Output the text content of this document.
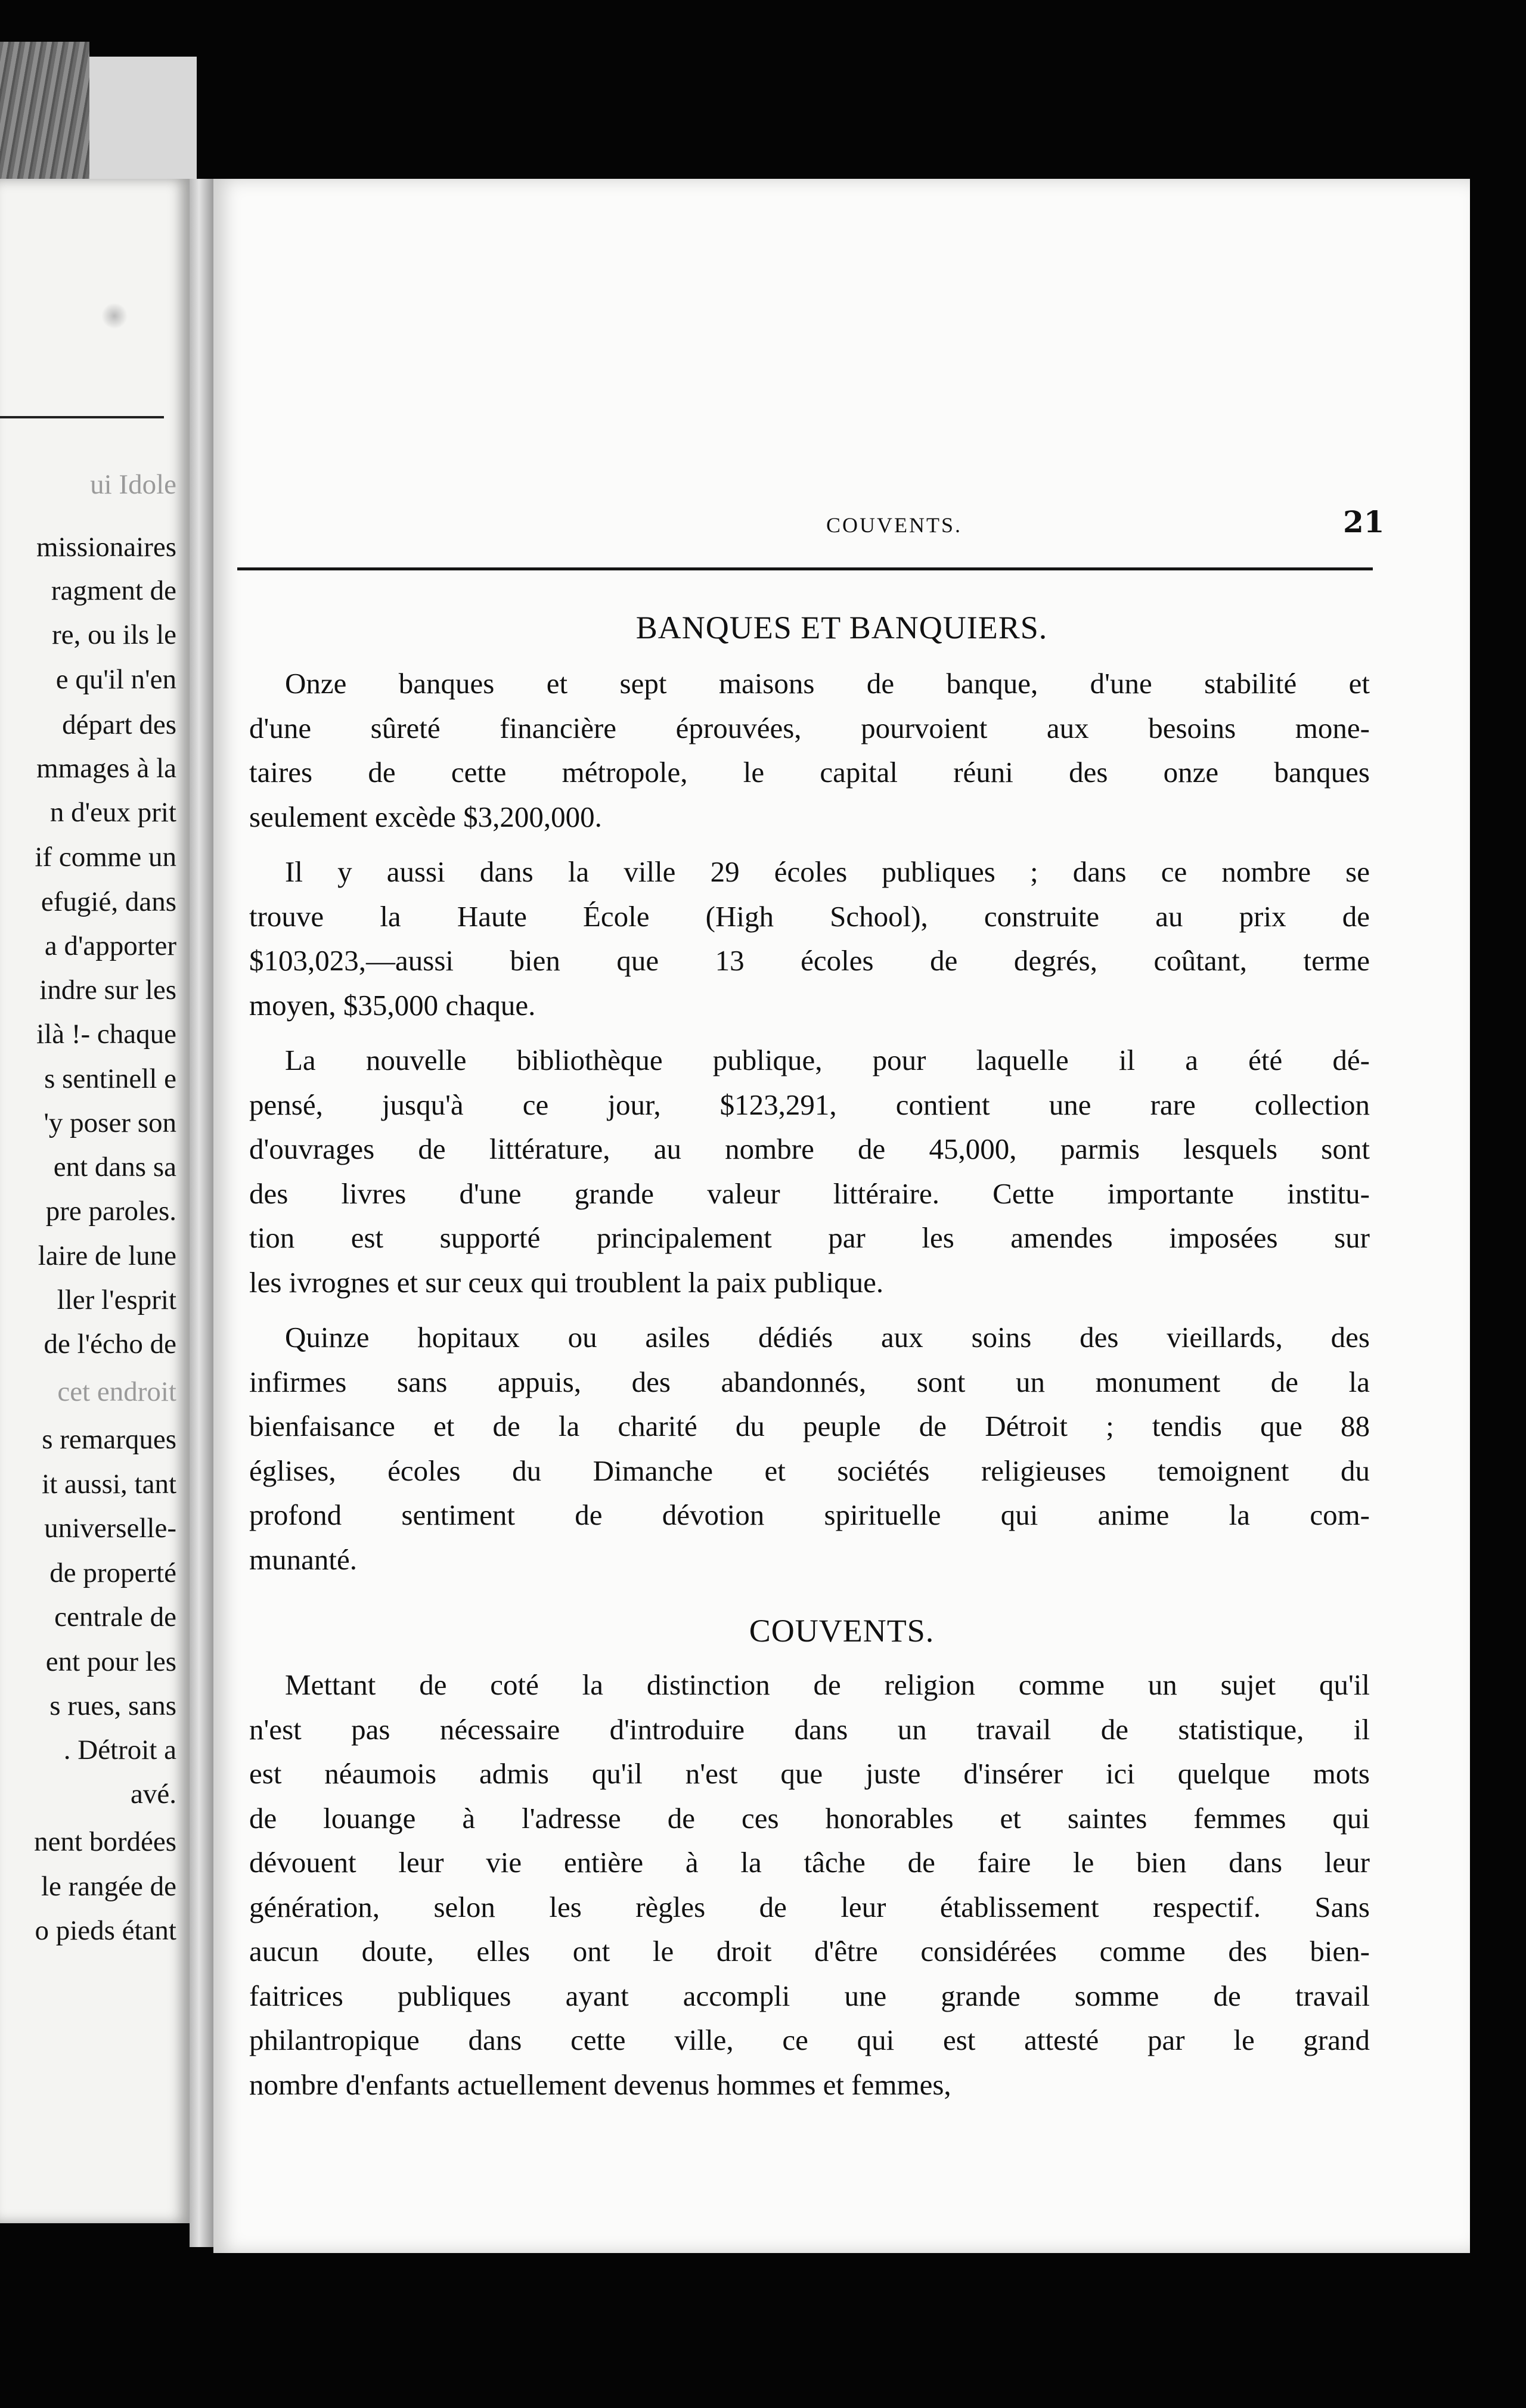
ui Idole
missionaires
ragment de
re, ou ils le
e qu'il n'en
départ des
mmages à la
n d'eux prit
if comme un
efugié, dans
a d'apporter
indre sur les
ilà !- chaque
s sentinell e
'y poser son
ent dans sa
pre paroles.
laire de lune
ller l'esprit
de l'écho de
cet endroit
s remarques
it aussi, tant
universelle-
de properté
centrale de
ent pour les
s rues, sans
. Détroit a
avé.
nent bordées
le rangée de
o pieds étant
COUVENTS.	21
BANQUES ET BANQUIERS.
Onze banques et sept maisons de banque, d'une stabilité et
d'une sûreté financière éprouvées, pourvoient aux besoins mone-
taires de cette métropole, le capital réuni des onze banques
seulement excède $3,200,000.
Il y aussi dans la ville 29 écoles publiques ; dans ce nombre se
trouve la Haute École (High School), construite au prix de
$103,023,—aussi bien que 13 écoles de degrés, coûtant, terme
moyen, $35,000 chaque.
La nouvelle bibliothèque publique, pour laquelle il a été dé-
pensé, jusqu'à ce jour, $123,291, contient une rare collection
d'ouvrages de littérature, au nombre de 45,000, parmis lesquels sont
des livres d'une grande valeur littéraire. Cette importante institu-
tion est supporté principalement par les amendes imposées sur
les ivrognes et sur ceux qui troublent la paix publique.
Quinze hopitaux ou asiles dédiés aux soins des vieillards, des
infirmes sans appuis, des abandonnés, sont un monument de la
bienfaisance et de la charité du peuple de Détroit ; tendis que 88
églises, écoles du Dimanche et sociétés religieuses temoignent du
profond sentiment de dévotion spirituelle qui anime la com-
munanté.
COUVENTS.
Mettant de coté la distinction de religion comme un sujet qu'il
n'est pas nécessaire d'introduire dans un travail de statistique, il
est néaumois admis qu'il n'est que juste d'insérer ici quelque mots
de louange à l'adresse de ces honorables et saintes femmes qui
dévouent leur vie entière à la tâche de faire le bien dans leur
génération, selon les règles de leur établissement respectif. Sans
aucun doute, elles ont le droit d'être considérées comme des bien-
faitrices publiques ayant accompli une grande somme de travail
philantropique dans cette ville, ce qui est attesté par le grand
nombre d'enfants actuellement devenus hommes et femmes,
